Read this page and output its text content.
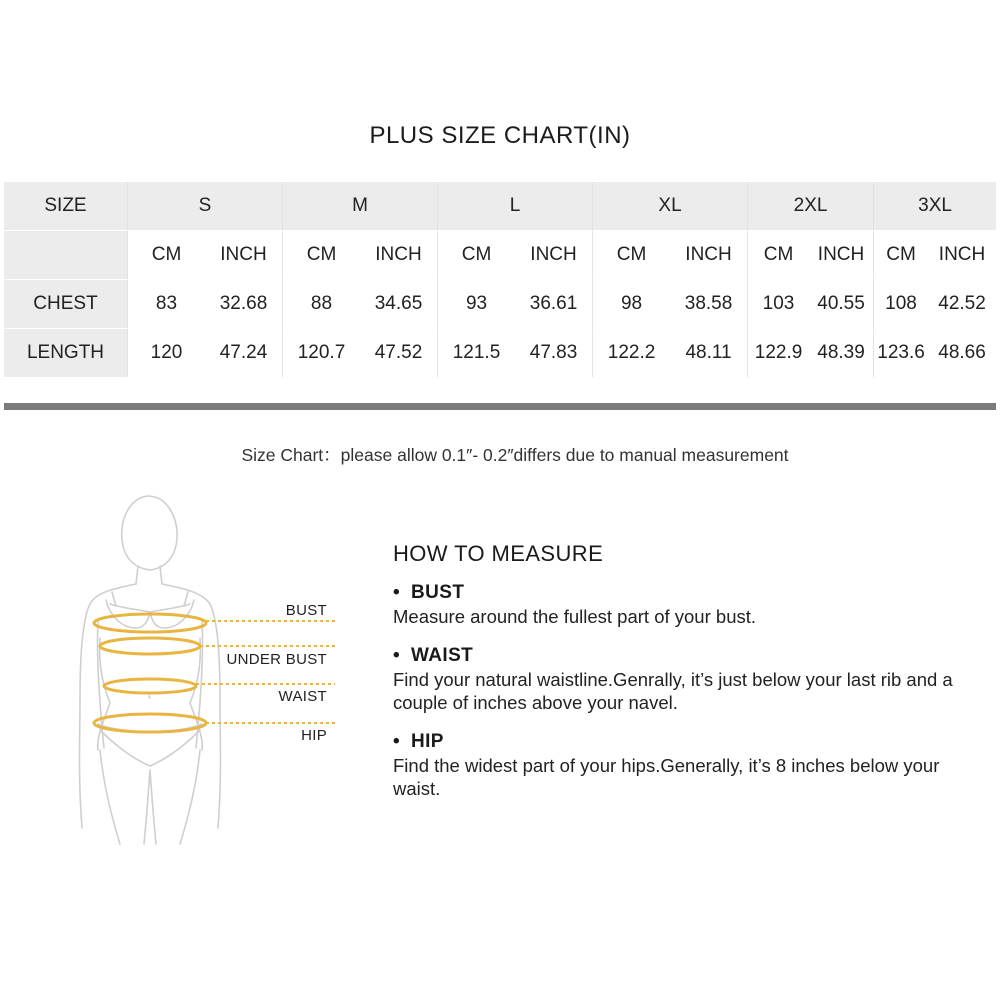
PLUS SIZE CHART(IN)
SIZE	S		M		L		XL		2XL		3XL	
	CM	INCH	CM	INCH	CM	INCH	CM	INCH	CM	INCH	CM	INCH
CHEST	83	32.68	88	34.65	93	36.61	98	38.58	103	40.55	108	42.52
LENGTH	120	47.24	120.7	47.52	121.5	47.83	122.2	48.11	122.9	48.39	123.6	48.66
Size Chart：please allow 0.1″- 0.2″differs due to manual measurement
BUST
UNDER BUST
WAIST
HIP
HOW TO MEASURE
• BUST
Measure around the fullest part of your bust.
• WAIST
Find your natural waistline.Genrally, it’s just below your last rib and a couple of inches above your navel.
• HIP
Find the widest part of your hips.Generally, it’s 8 inches below your waist.
